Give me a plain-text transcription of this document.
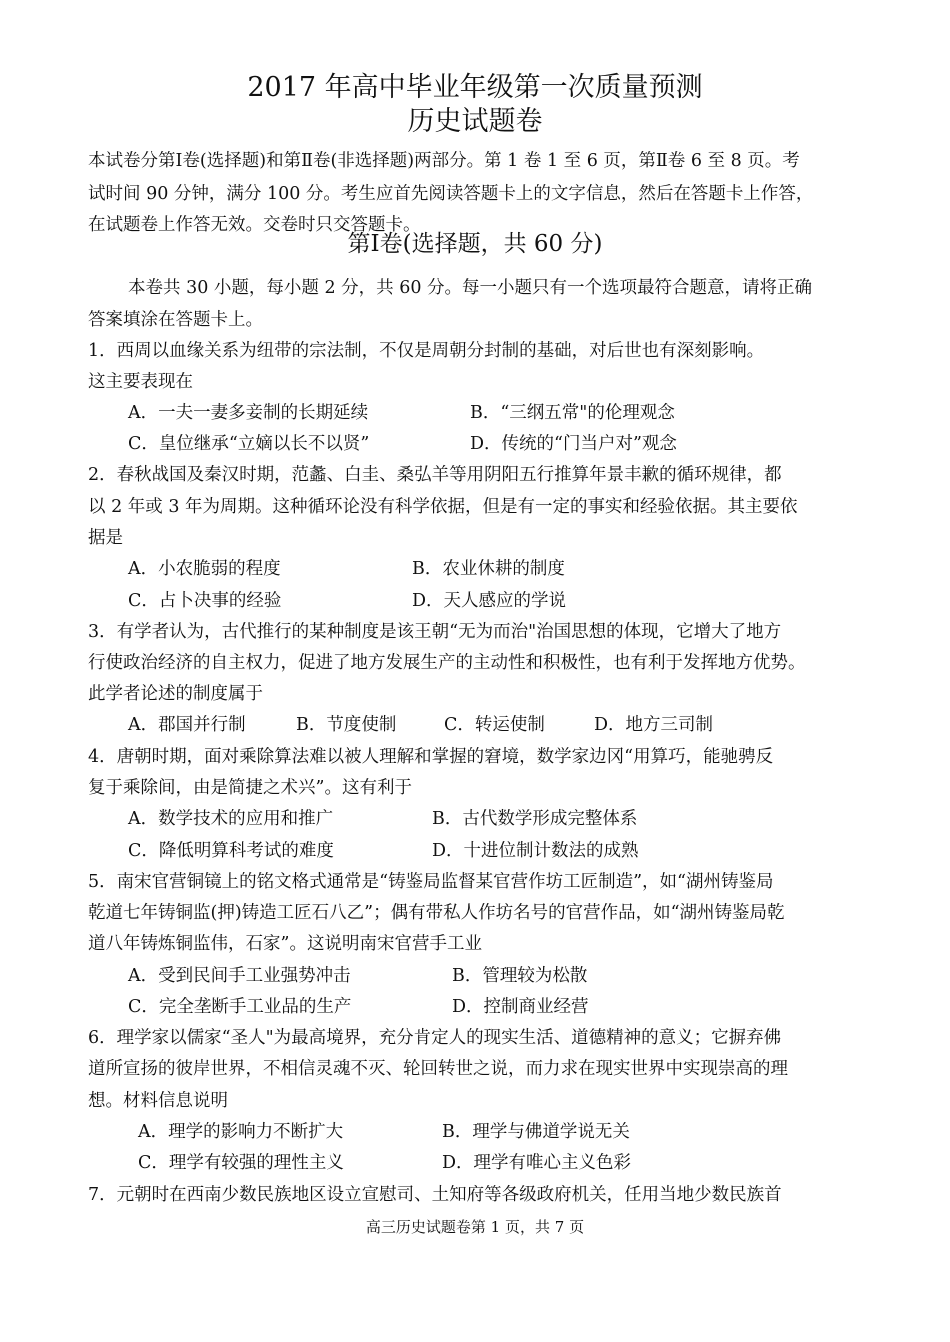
2017 年高中毕业年级第一次质量预测
历史试题卷
本试卷分第Ⅰ卷(选择题)和第Ⅱ卷(非选择题)两部分。第 1 卷 1 至 6 页，第Ⅱ卷 6 至 8 页。考
试时间 90 分钟，满分 100 分。考生应首先阅读答题卡上的文字信息，然后在答题卡上作答，
在试题卷上作答无效。交卷时只交答题卡。
第Ⅰ卷(选择题，共 60 分)
本卷共 30 小题，每小题 2 分，共 60 分。每一小题只有一个选项最符合题意，请将正确
答案填涂在答题卡上。
1．西周以血缘关系为纽带的宗法制，不仅是周朝分封制的基础，对后世也有深刻影响。
这主要表现在
A．一夫一妻多妾制的长期延续	B．“三纲五常"的伦理观念
C．皇位继承“立嫡以长不以贤”	D．传统的“门当户对”观念
2．春秋战国及秦汉时期，范蠡、白圭、桑弘羊等用阴阳五行推算年景丰歉的循环规律，都
以 2 年或 3 年为周期。这种循环论没有科学依据，但是有一定的事实和经验依据。其主要依
据是
A．小农脆弱的程度	B．农业休耕的制度
C．占卜决事的经验	D．天人感应的学说
3．有学者认为，古代推行的某种制度是该王朝“无为而治"治国思想的体现，它增大了地方
行使政治经济的自主权力，促进了地方发展生产的主动性和积极性，也有利于发挥地方优势。
此学者论述的制度属于
A．郡国并行制	B．节度使制	C．转运使制	D．地方三司制
4．唐朝时期，面对乘除算法难以被人理解和掌握的窘境，数学家边冈“用算巧，能驰骋反
复于乘除间，由是简捷之术兴”。这有利于
A．数学技术的应用和推广	B．古代数学形成完整体系
C．降低明算科考试的难度	D．十进位制计数法的成熟
5．南宋官营铜镜上的铭文格式通常是“铸鉴局监督某官营作坊工匠制造”，如“湖州铸鉴局
乾道七年铸铜监(押)铸造工匠石八乙”；偶有带私人作坊名号的官营作品，如“湖州铸鉴局乾
道八年铸炼铜监伟，石家”。这说明南宋官营手工业
A．受到民间手工业强势冲击	B．管理较为松散
C．完全垄断手工业品的生产	D．控制商业经营
6．理学家以儒家“圣人"为最高境界，充分肯定人的现实生活、道德精神的意义；它摒弃佛
道所宣扬的彼岸世界，不相信灵魂不灭、轮回转世之说，而力求在现实世界中实现崇高的理
想。材料信息说明
A．理学的影响力不断扩大	B．理学与佛道学说无关
C．理学有较强的理性主义	D．理学有唯心主义色彩
7．元朝时在西南少数民族地区设立宣慰司、土知府等各级政府机关，任用当地少数民族首
高三历史试题卷第 1 页，共 7 页
